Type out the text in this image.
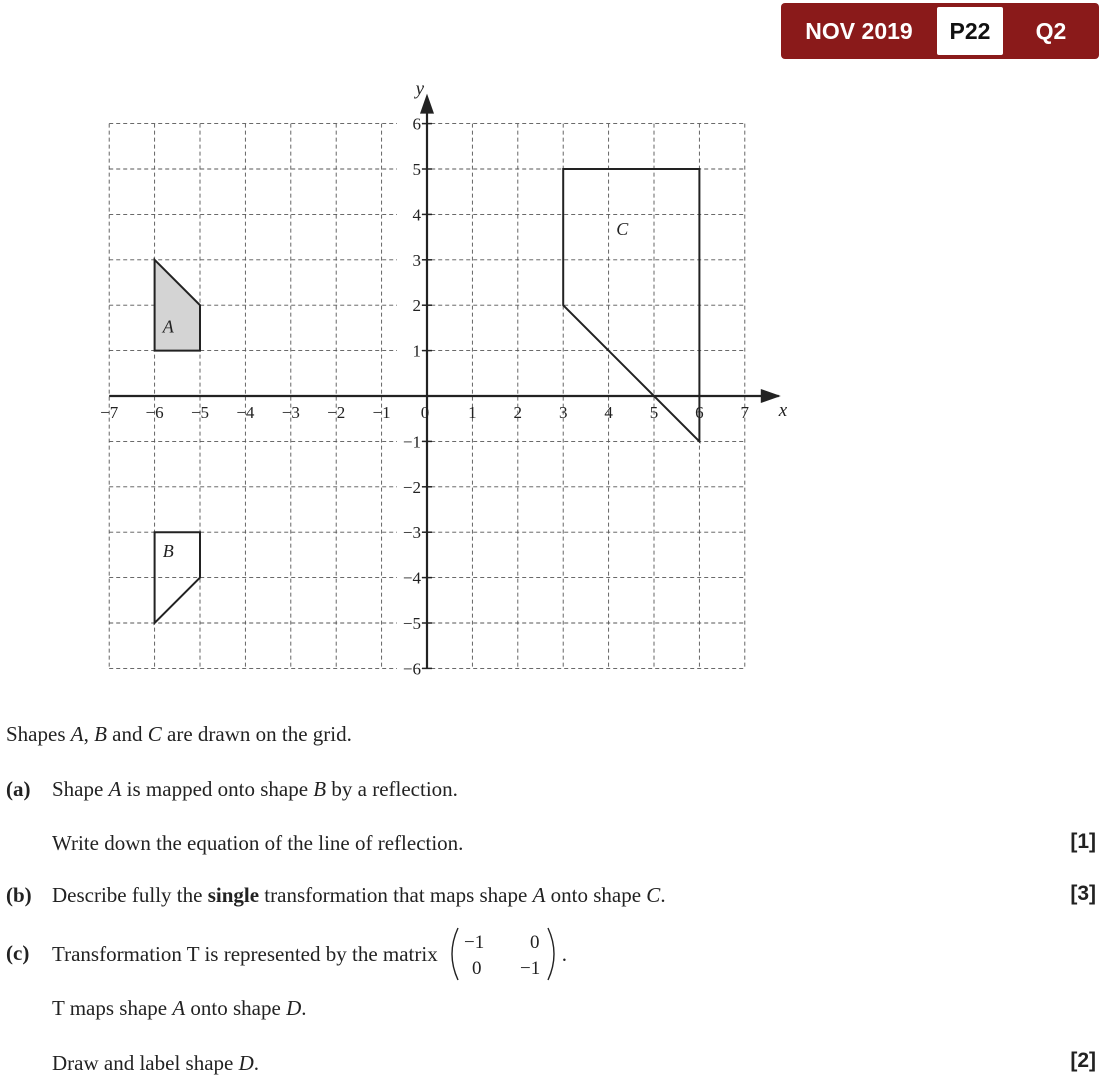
NOV 2019	P22	Q2
A
B
C
x
y
−7 −6 −5 −4 −3 −2 −1 0 1 2 3 4 5 6 7
6
5
4
3
2
1
−1
−2
−3
−4
−5
−6
Shapes A, B and C are drawn on the grid.
(a) Shape A is mapped onto shape B by a reflection.
Write down the equation of the line of reflection.	[1]
(b) Describe fully the single transformation that maps shape A onto shape C.	[3]
(c) Transformation T is represented by the matrix −1 0
0 −1
.
T maps shape A onto shape D.
Draw and label shape D.	[2]
